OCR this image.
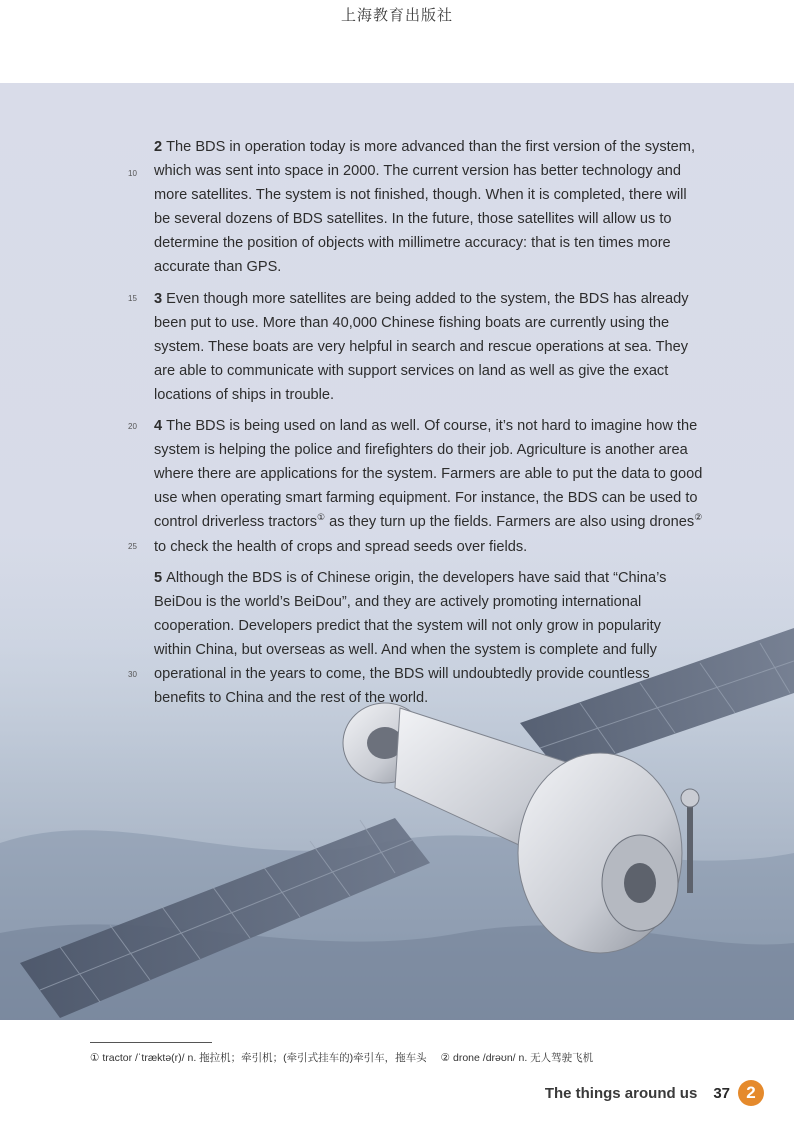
上海教育出版社

2 The BDS in operation today is more advanced than the first version of the system,
which was sent into space in 2000. The current version has better technology and
more satellites. The system is not finished, though. When it is completed, there will
be several dozens of BDS satellites. In the future, those satellites will allow us to
determine the position of objects with millimetre accuracy: that is ten times more
accurate than GPS.

3 Even though more satellites are being added to the system, the BDS has already
been put to use. More than 40,000 Chinese fishing boats are currently using the
system. These boats are very helpful in search and rescue operations at sea. They
are able to communicate with support services on land as well as give the exact
locations of ships in trouble.

4 The BDS is being used on land as well. Of course, it’s not hard to imagine how the
system is helping the police and firefighters do their job. Agriculture is another area
where there are applications for the system. Farmers are able to put the data to good
use when operating smart farming equipment. For instance, the BDS can be used to
control driverless tractors① as they turn up the fields. Farmers are also using drones②
to check the health of crops and spread seeds over fields.

5 Although the BDS is of Chinese origin, the developers have said that “China’s
BeiDou is the world’s BeiDou”, and they are actively promoting international
cooperation. Developers predict that the system will not only grow in popularity
within China, but overseas as well. And when the system is complete and fully
operational in the years to come, the BDS will undoubtedly provide countless
benefits to China and the rest of the world.

10
15
20
25
30
① tractor /ˈtræktə(r)/ n. 拖拉机；牵引机；(牵引式挂车的)牵引车，拖车头 ② drone /drəʊn/ n. 无人驾驶飞机
The things around us 37 2
